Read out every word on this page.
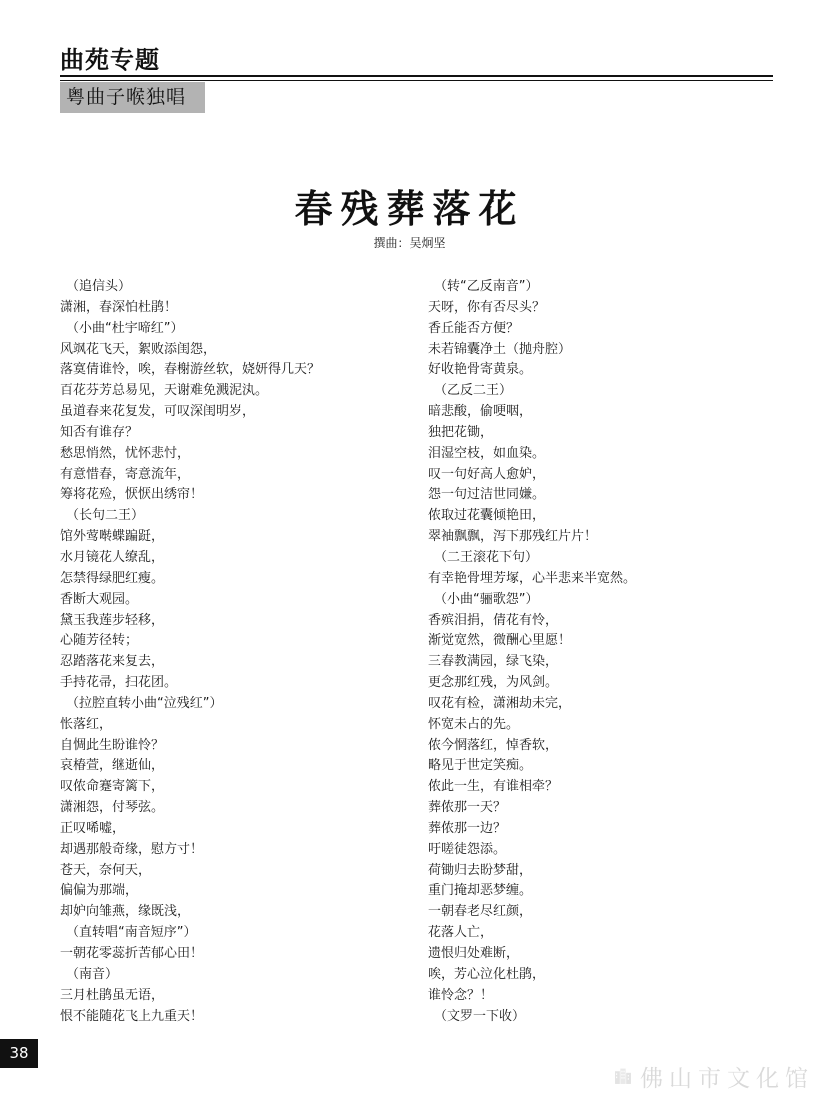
曲苑专题
粤曲子喉独唱
春残葬落花
撰曲：吴炯坚
（追信头）
潇湘，春深怕杜鹃！
（小曲“杜宇啼红”）
风飒花飞天，絮败添闺怨，
落寞倩谁怜，唉，春榭游丝软，娆妍得几天？
百花芬芳总易见，天谢难免溅泥汍。
虽道春来花复发，可叹深闺明岁，
知否有谁存？
愁思悄然，忧怀悲忖，
有意惜春，寄意流年，
筹将花殓，恹恹出绣帘！
（长句二王）
馆外莺啭蝶蹁跹，
水月镜花人缭乱，
怎禁得绿肥红瘦。
香断大观园。
黛玉我莲步轻移，
心随芳径转；
忍踏落花来复去，
手持花帚，扫花团。
（拉腔直转小曲“泣残红”）
怅落红，
自惆此生盼谁怜？
哀椿萱，继逝仙，
叹侬命蹇寄篱下，
潇湘怨，付琴弦。
正叹唏嘘，
却遇那般奇缘，慰方寸！
苍天，奈何天，
偏偏为那端，
却妒向雏燕，缘既浅，
（直转唱“南音短序”）
一朝花零蕊折苦郁心田！
（南音）
三月杜鹃虽无语，
恨不能随花飞上九重天！
（转“乙反南音”）
天呀，你有否尽头？
香丘能否方便？
未若锦囊净土（抛舟腔）
好收艳骨寄黄泉。
（乙反二王）
暗悲酸，偷哽咽，
独把花锄，
泪湿空枝，如血染。
叹一句好高人愈妒，
怨一句过洁世同嫌。
侬取过花囊倾艳田，
翠袖飘飘，泻下那残红片片！
（二王滚花下句）
有幸艳骨埋芳塚，心半悲来半宽然。
（小曲“骊歌怨”）
香殡泪捐，倩花有怜，
渐觉宽然，微酬心里愿！
三春教满园，绿飞染，
更念那红残，为风剑。
叹花有检，潇湘劫未完，
怀宽未占的先。
侬今惘落红，悼香软，
略见于世定笑痴。
侬此一生，有谁相牵？
葬侬那一天？
葬侬那一边？
吁嗟徒怨添。
荷锄归去盼梦甜，
重门掩却恶梦缠。
一朝春老尽红颜，
花落人亡，
遗恨归处难断，
唉，芳心泣化杜鹃，
谁怜念？！
（文罗一下收）
38
佛山市文化馆
